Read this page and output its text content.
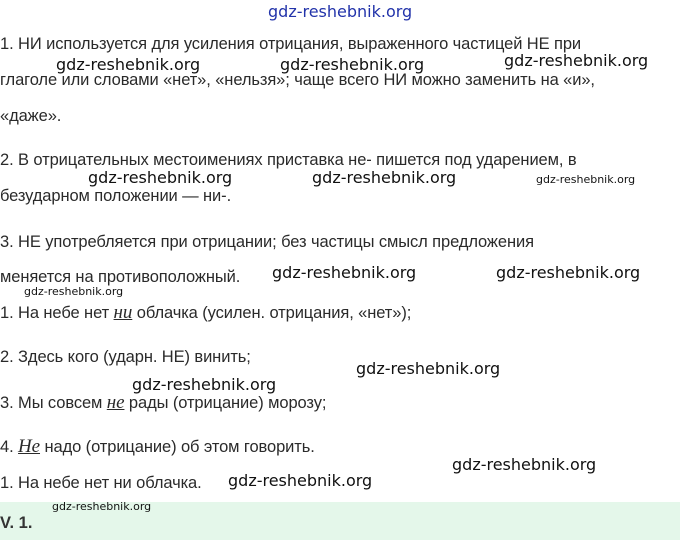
gdz-reshebnik.org
1. НИ используется для усиления отрицания, выраженного частицей НЕ при
глаголе или словами «нет», «нельзя»; чаще всего НИ можно заменить на «и»,
«даже».
2. В отрицательных местоимениях приставка не- пишется под ударением, в
безударном положении — ни-.
3. НЕ употребляется при отрицании; без частицы смысл предложения
меняется на противоположный.
1. На небе нет ни облачка (усилен. отрицания, «нет»);
2. Здесь кого (ударн. НЕ) винить;
3. Мы совсем не рады (отрицание) морозу;
4. Не надо (отрицание) об этом говорить.
1. На небе нет ни облачка.
V. 1.
gdz-reshebnik.org	gdz-reshebnik.org	gdz-reshebnik.org
gdz-reshebnik.org	gdz-reshebnik.org	gdz-reshebnik.org
gdz-reshebnik.org	gdz-reshebnik.org
gdz-reshebnik.org
gdz-reshebnik.org
gdz-reshebnik.org
gdz-reshebnik.org
gdz-reshebnik.org
gdz-reshebnik.org
